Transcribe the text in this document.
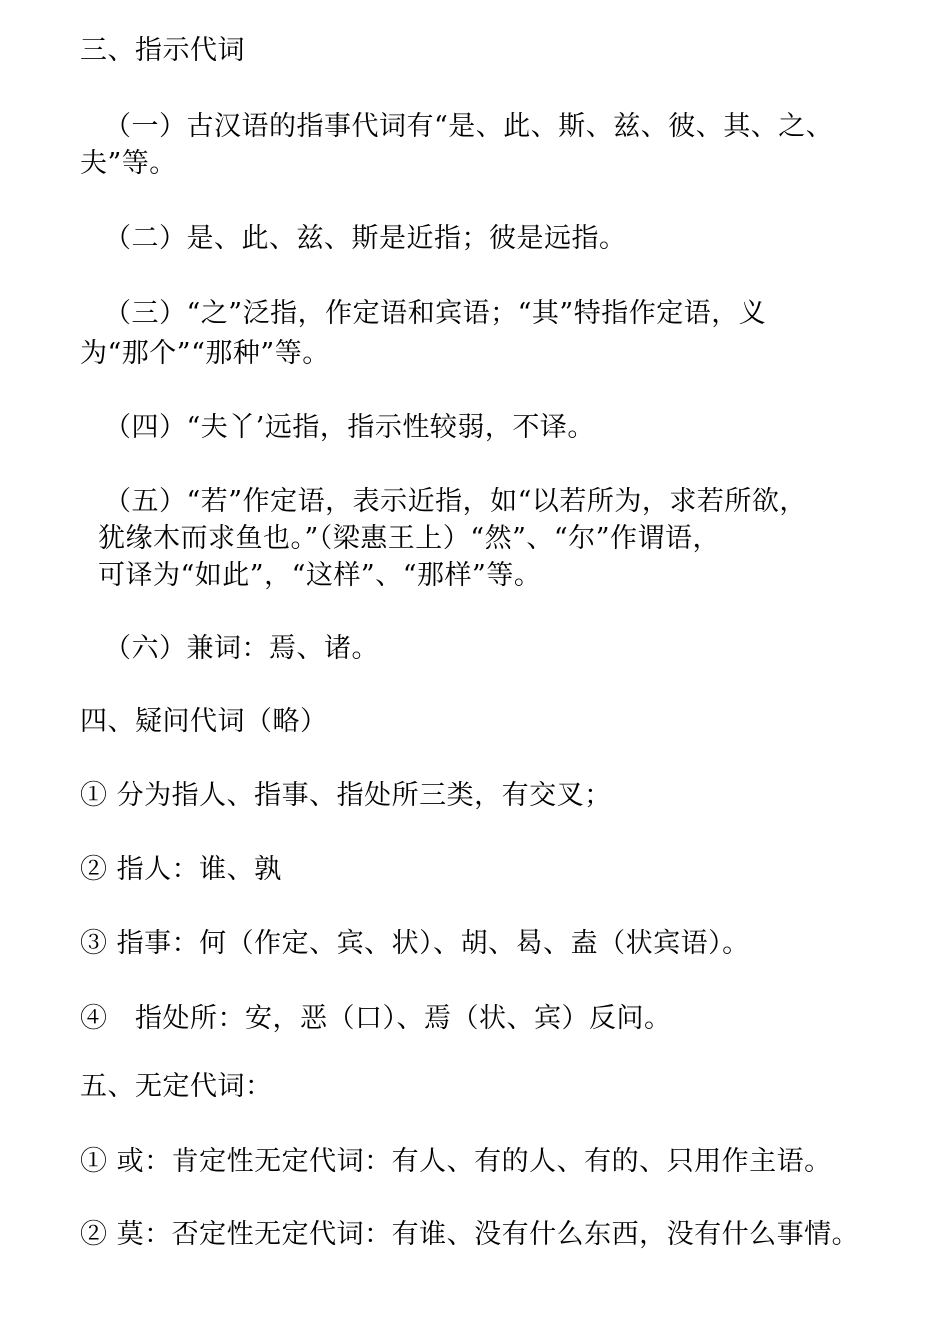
三、指示代词
（一）古汉语的指事代词有“是、此、斯、兹、彼、其、之、
夫”等。
（二）是、此、兹、斯是近指；彼是远指。
（三）“之”泛指，作定语和宾语；“其”特指作定语，义
为“那个”“那种”等。
（四）“夫丫’远指，指示性较弱，不译。
（五）“若”作定语，表示近指，如“以若所为，求若所欲，
犹缘木而求鱼也。”（梁惠王上）“然”、“尔”作谓语，
可译为“如此”，“这样”、“那样”等。
（六）兼词：焉、诸。
四、疑问代词（略）
① 分为指人、指事、指处所三类，有交叉；
② 指人：谁、孰
③ 指事：何（作定、宾、状）、胡、曷、盍（状宾语）。
④　指处所：安，恶（口）、焉（状、宾）反问。
五、无定代词：
① 或：肯定性无定代词：有人、有的人、有的、只用作主语。
② 莫：否定性无定代词：有谁、没有什么东西，没有什么事情。
